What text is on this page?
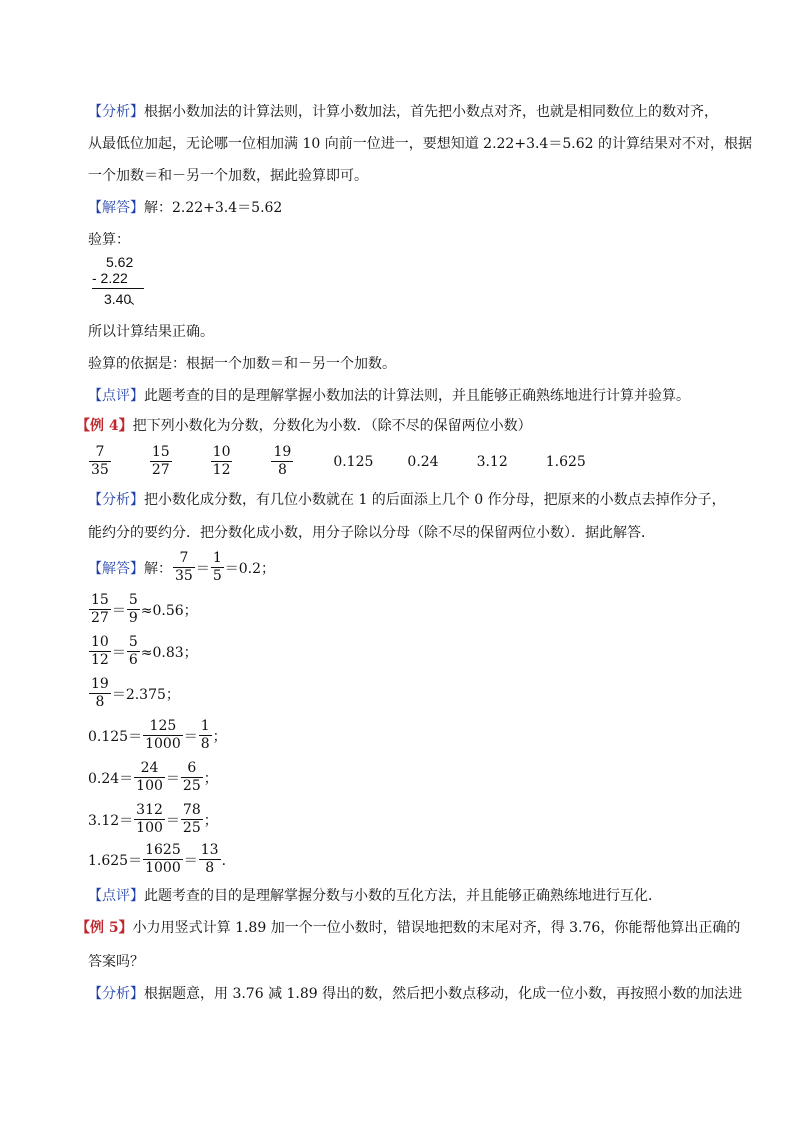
【分析】根据小数加法的计算法则，计算小数加法，首先把小数点对齐，也就是相同数位上的数对齐，
从最低位加起，无论哪一位相加满 10 向前一位进一，要想知道 2.22+3.4＝5.62 的计算结果对不对，根据
一个加数＝和－另一个加数，据此验算即可。
【解答】解：2.22+3.4＝5.62
验算：
5.62
- 2.22
3.40
所以计算结果正确。
验算的依据是：根据一个加数＝和－另一个加数。
【点评】此题考查的目的是理解掌握小数加法的计算法则，并且能够正确熟练地进行计算并验算。
【例 4】把下列小数化为分数，分数化为小数．（除不尽的保留两位小数）
$\frac{7}{35}$	$\frac{15}{27}$	$\frac{10}{12}$	$\frac{19}{8}$	0.125 0.24	3.12	1.625
【分析】把小数化成分数，有几位小数就在 1 的后面添上几个 0 作分母，把原来的小数点去掉作分子，
能约分的要约分．把分数化成小数，用分子除以分母（除不尽的保留两位小数）．据此解答．
【解答】 解： $\frac{7}{35} = \frac{1}{5} =0.2$；
$\frac{15}{27} = \frac{5}{9} \approx 0.56$；
$\frac{10}{12} = \frac{5}{6} \approx 0.83$；
$\frac{19}{8} =2.375$；
$0.125= \frac{125}{1000} = \frac{1}{8}$ ；
$0.24= \frac{24}{100} = \frac{6}{25}$ ；
$3.12= \frac{312}{100} = \frac{78}{25}$ ；
$1.625= \frac{1625}{1000} = \frac{13}{8}$ ．
【点评】此题考查的目的是理解掌握分数与小数的互化方法，并且能够正确熟练地进行互化．
【例 5】小力用竖式计算 1.89 加一个一位小数时，错误地把数的末尾对齐，得 3.76，你能帮他算出正确的
答案吗？
【分析】根据题意，用 3.76 减 1.89 得出的数，然后把小数点移动，化成一位小数，再按照小数的加法进
